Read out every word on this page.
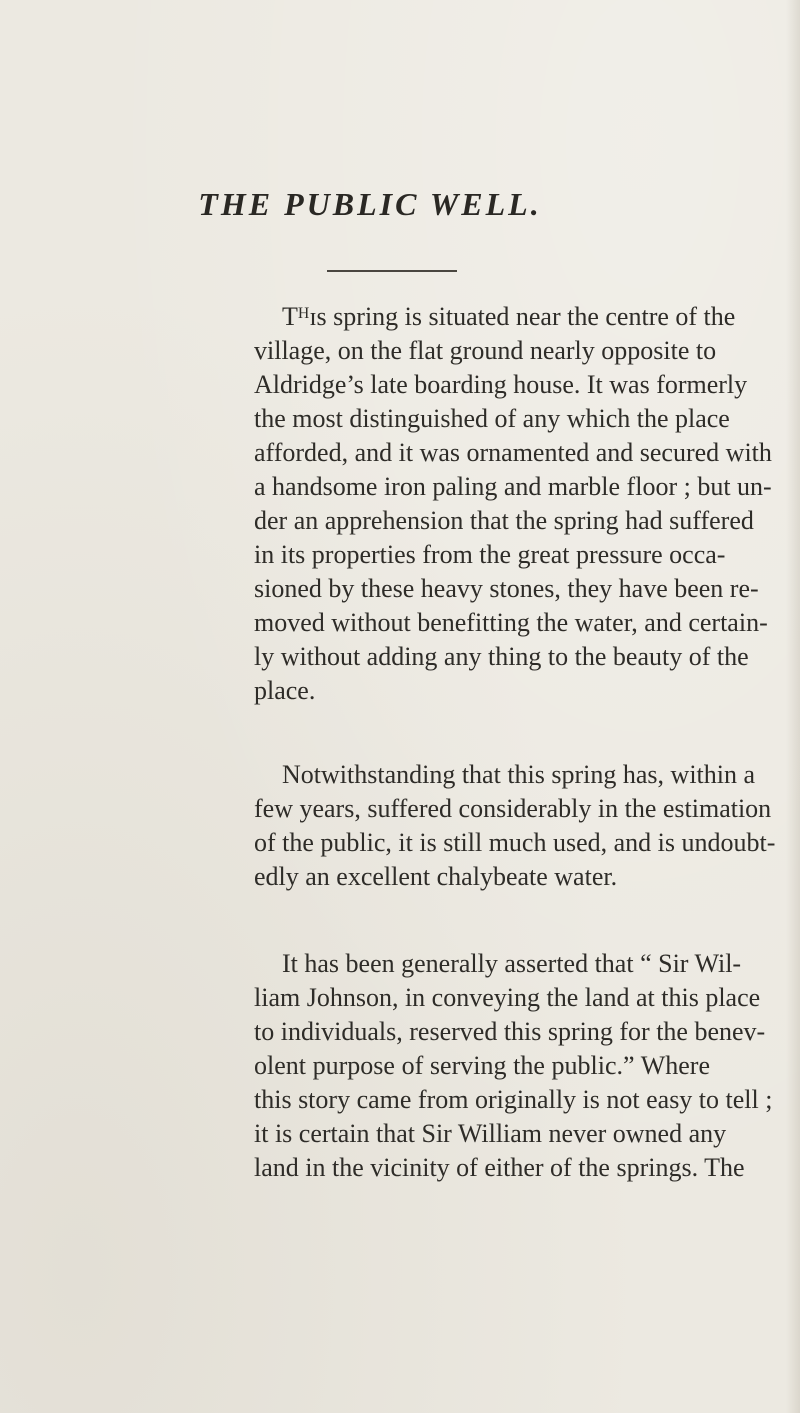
THE PUBLIC WELL.
Tᴴɪs spring is situated near the centre of the
village, on the flat ground nearly opposite to
Aldridge’s late boarding house. It was formerly
the most distinguished of any which the place
afforded, and it was ornamented and secured with
a handsome iron paling and marble floor ; but un-
der an apprehension that the spring had suffered
in its properties from the great pressure occa-
sioned by these heavy stones, they have been re-
moved without benefitting the water, and certain-
ly without adding any thing to the beauty of the
place.
Notwithstanding that this spring has, within a
few years, suffered considerably in the estimation
of the public, it is still much used, and is undoubt-
edly an excellent chalybeate water.
It has been generally asserted that “ Sir Wil-
liam Johnson, in conveying the land at this place
to individuals, reserved this spring for the benev-
olent purpose of serving the public.” Where
this story came from originally is not easy to tell ;
it is certain that Sir William never owned any
land in the vicinity of either of the springs. The
